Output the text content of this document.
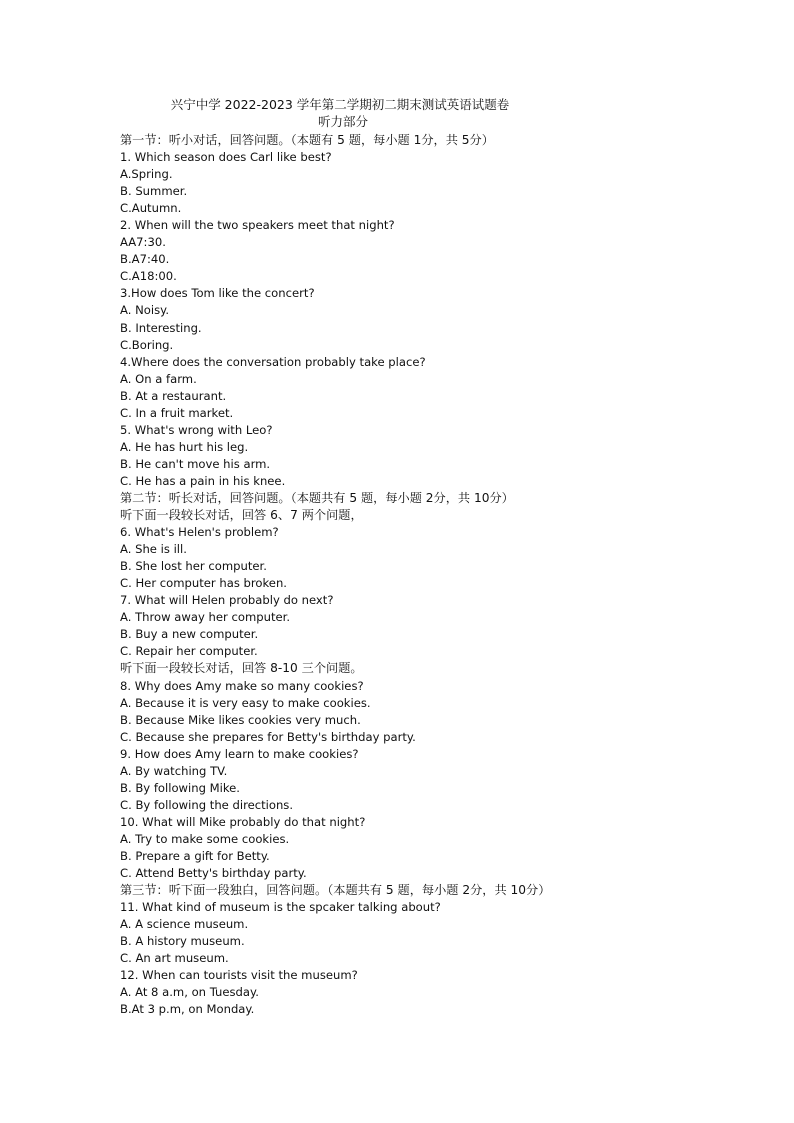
兴宁中学 2022-2023 学年第二学期初二期末测试英语试题卷
听力部分
第一节：听小对话，回答问题。（本题有 5 题，每小题 1分，共 5分）
1. Which season does Carl like best?
A.Spring.
B. Summer.
C.Autumn.
2. When will the two speakers meet that night?
AA7:30.
B.A7:40.
C.A18:00.
3.How does Tom like the concert?
A. Noisy.
B. Interesting.
C.Boring.
4.Where does the conversation probably take place?
A. On a farm.
B. At a restaurant.
C. In a fruit market.
5. What's wrong with Leo?
A. He has hurt his leg.
B. He can't move his arm.
C. He has a pain in his knee.
第二节：听长对话，回答问题。（本题共有 5 题，每小题 2分，共 10分）
听下面一段较长对话，回答 6、7 两个问题，
6. What's Helen's problem?
A. She is ill.
B. She lost her computer.
C. Her computer has broken.
7. What will Helen probably do next?
A. Throw away her computer.
B. Buy a new computer.
C. Repair her computer.
听下面一段较长对话，回答 8-10 三个问题。
8. Why does Amy make so many cookies?
A. Because it is very easy to make cookies.
B. Because Mike likes cookies very much.
C. Because she prepares for Betty's birthday party.
9. How does Amy learn to make cookies?
A. By watching TV.
B. By following Mike.
C. By following the directions.
10. What will Mike probably do that night?
A. Try to make some cookies.
B. Prepare a gift for Betty.
C. Attend Betty's birthday party.
第三节：听下面一段独白，回答问题。（本题共有 5 题，每小题 2分，共 10分）
11. What kind of museum is the spcaker talking about?
A. A science museum.
B. A history museum.
C. An art museum.
12. When can tourists visit the museum?
A. At 8 a.m, on Tuesday.
B.At 3 p.m, on Monday.
